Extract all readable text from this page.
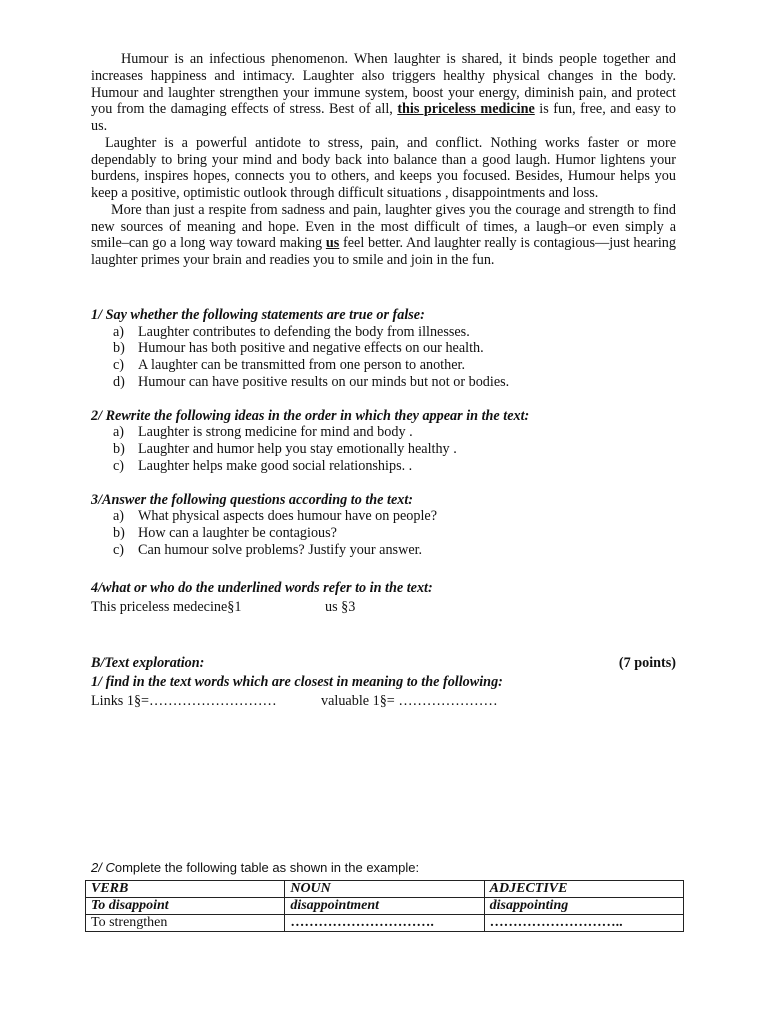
Humour is an infectious phenomenon. When laughter is shared, it binds people together and increases happiness and intimacy. Laughter also triggers healthy physical changes in the body. Humour and laughter strengthen your immune system, boost your energy, diminish pain, and protect you from the damaging effects of stress. Best of all, this priceless medicine is fun, free, and easy to us.

Laughter is a powerful antidote to stress, pain, and conflict. Nothing works faster or more dependably to bring your mind and body back into balance than a good laugh. Humor lightens your burdens, inspires hopes, connects you to others, and keeps you focused. Besides, Humour helps you keep a positive, optimistic outlook through difficult situations , disappointments and loss.

More than just a respite from sadness and pain, laughter gives you the courage and strength to find new sources of meaning and hope. Even in the most difficult of times, a laugh–or even simply a smile–can go a long way toward making us feel better. And laughter really is contagious—just hearing laughter primes your brain and readies you to smile and join in the fun.

1/ Say whether the following statements are true or false:

a) Laughter contributes to defending the body from illnesses.
b) Humour has both positive and negative effects on our health.
c) A laughter can be transmitted from one person to another.
d) Humour can have positive results on our minds but not or bodies.

2/ Rewrite the following ideas in the order in which they appear in the text:

a) Laughter is strong medicine for mind and body .
b) Laughter and humor help you stay emotionally healthy .
c) Laughter helps make good social relationships. .

3/Answer the following questions according to the text:

a) What physical aspects does humour have on people?
b) How can a laughter be contagious?
c) Can humour solve problems? Justify your answer.

4/what or who do the underlined words refer to in the text:

This priceless medecine§1	us §3
B/Text exploration:	(7 points)

1/ find in the text words which are closest in meaning to the following:

Links 1§=………………………	valuable 1§= …………………
2/ Complete the following table as shown in the example:
VERB	NOUN	ADJECTIVE
To disappoint	disappointment	disappointing
To strengthen	………………………….	………………………..
